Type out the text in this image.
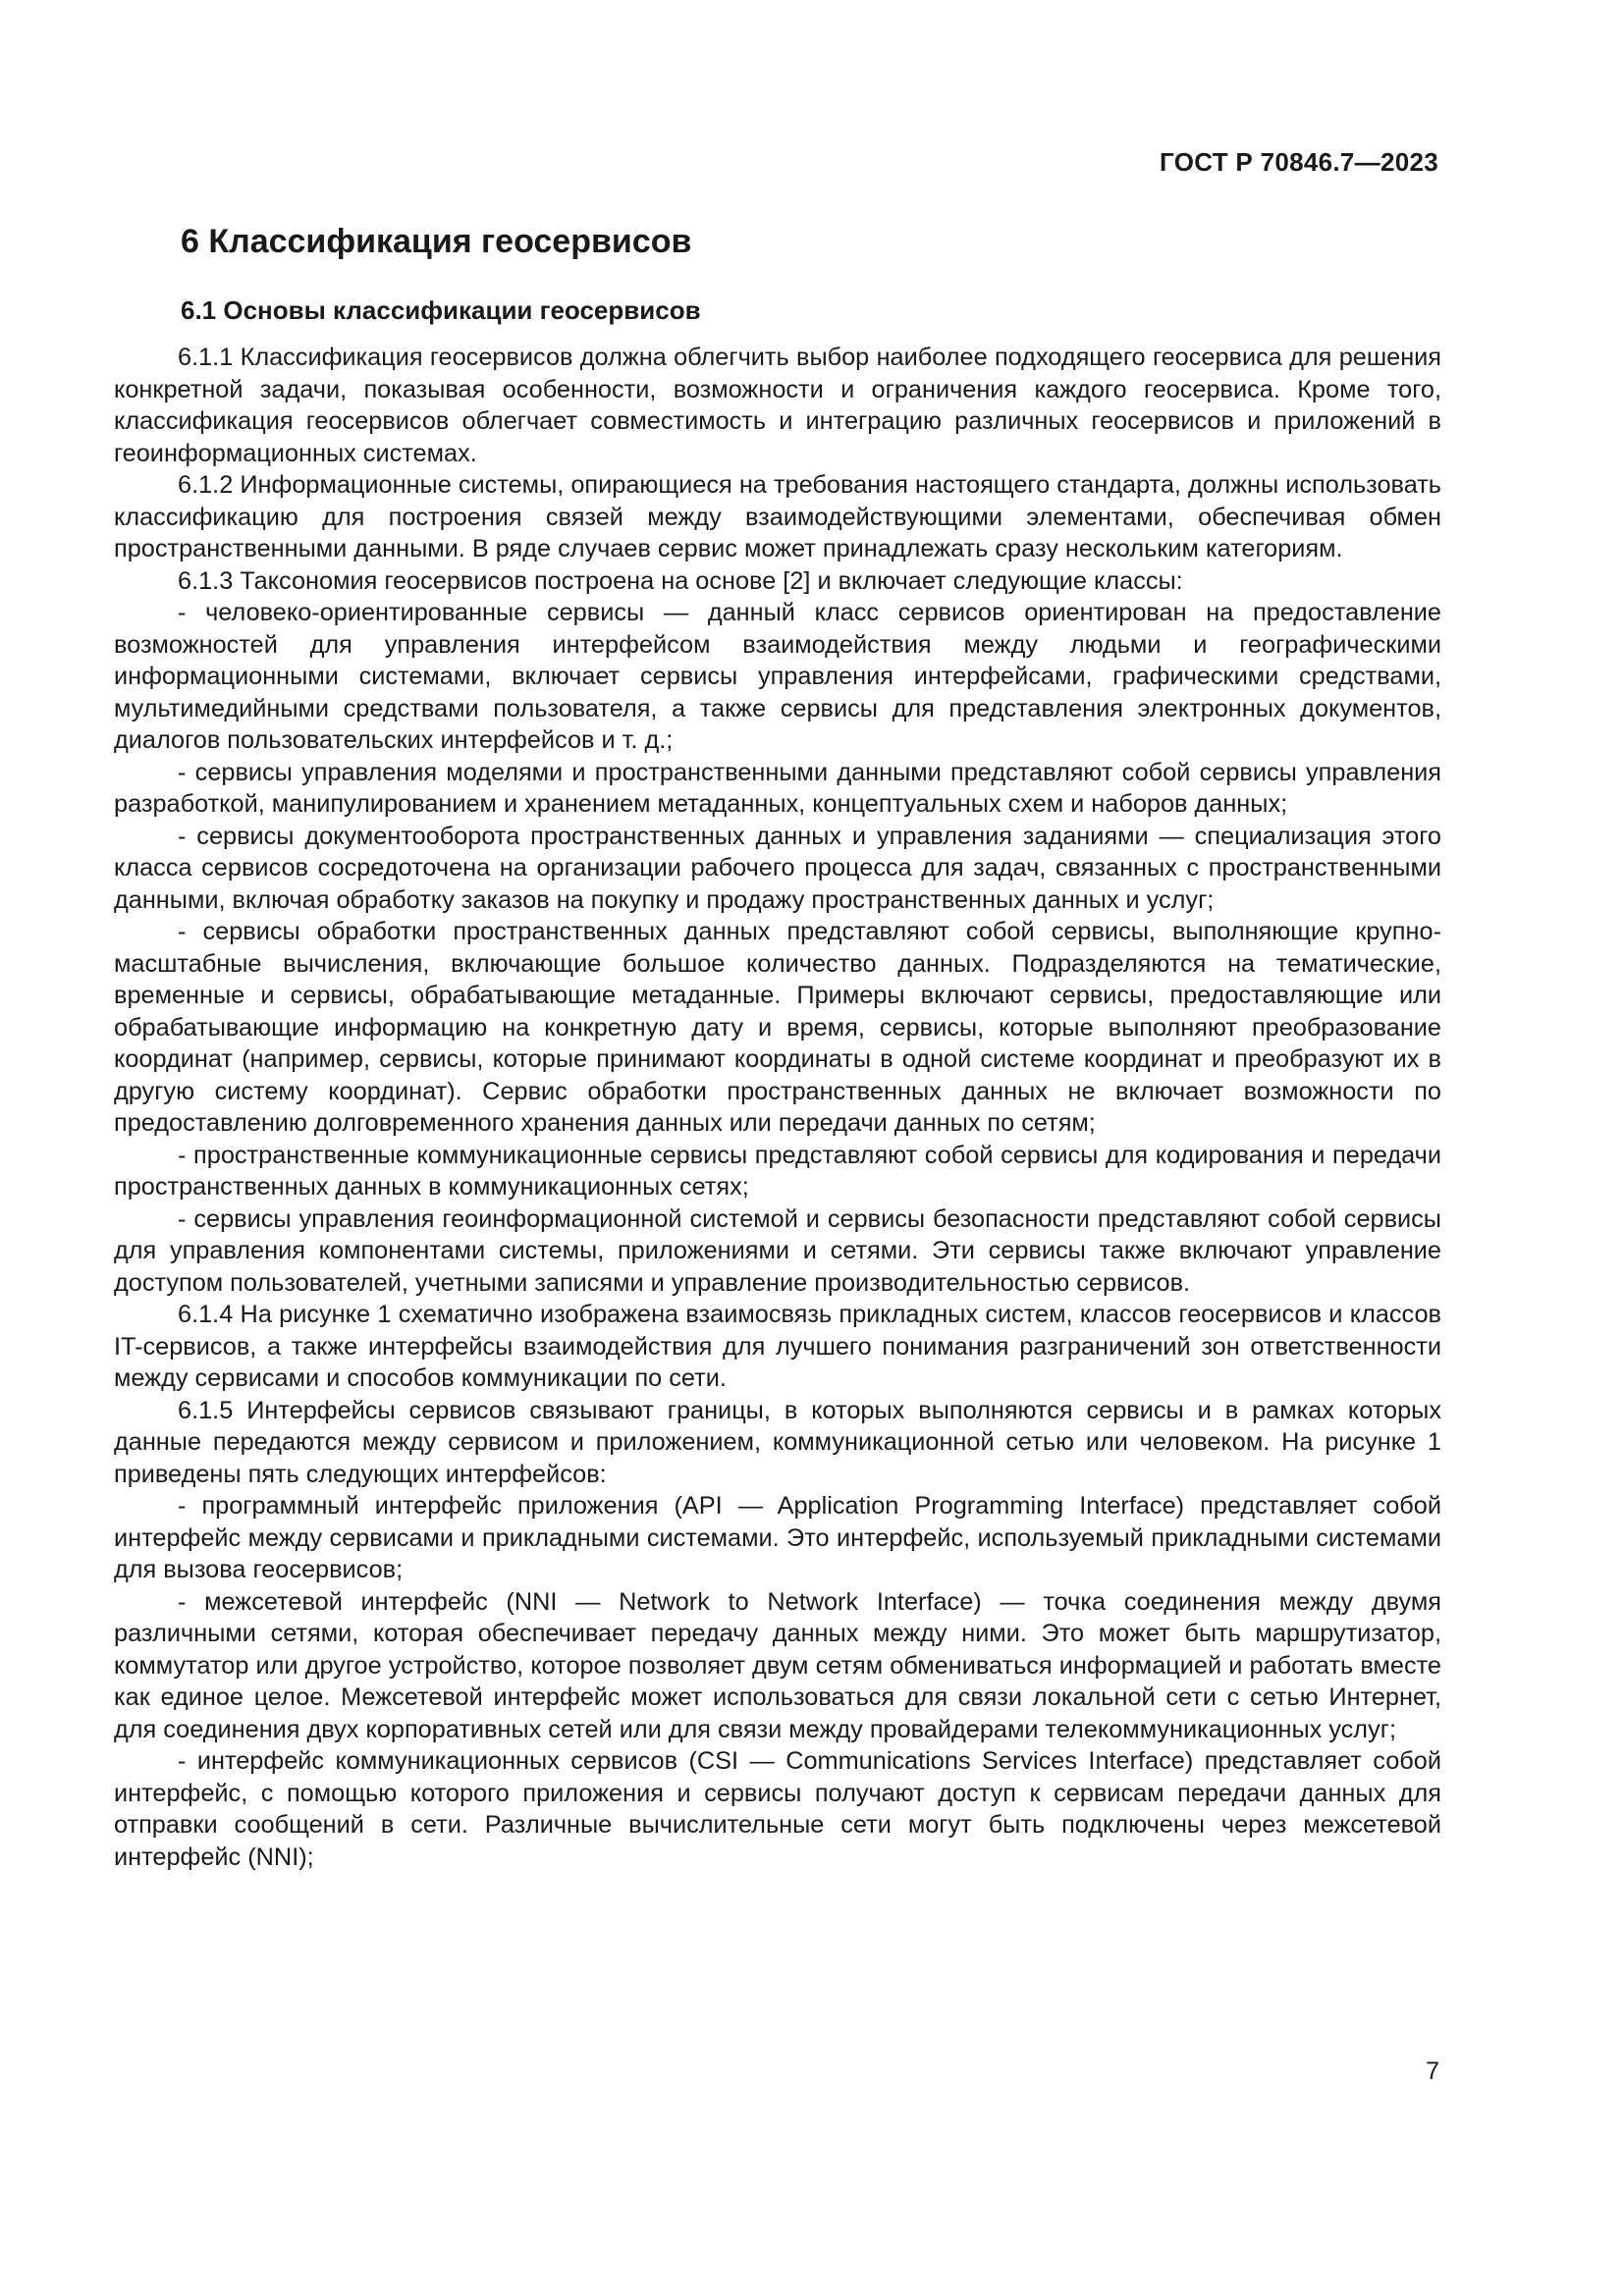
ГОСТ Р 70846.7—2023
6 Классификация геосервисов
6.1 Основы классификации геосервисов

6.1.1 Классификация геосервисов должна облегчить выбор наиболее подходящего геосервиса для решения конкретной задачи, показывая особенности, возможности и ограничения каждого геосервиса. Кроме того, классификация геосервисов облегчает совместимость и интеграцию различных геосервисов и приложений в геоинформационных системах.

6.1.2 Информационные системы, опирающиеся на требования настоящего стандарта, должны использовать классификацию для построения связей между взаимодействующими элементами, обеспечивая обмен пространственными данными. В ряде случаев сервис может принадлежать сразу нескольким категориям.

6.1.3 Таксономия геосервисов построена на основе [2] и включает следующие классы:

- человеко-ориентированные сервисы — данный класс сервисов ориентирован на предоставление возможностей для управления интерфейсом взаимодействия между людьми и географическими информационными системами, включает сервисы управления интерфейсами, графическими средствами, мультимедийными средствами пользователя, а также сервисы для представления электронных документов, диалогов пользовательских интерфейсов и т. д.;

- сервисы управления моделями и пространственными данными представляют собой сервисы управления разработкой, манипулированием и хранением метаданных, концептуальных схем и наборов данных;

- сервисы документооборота пространственных данных и управления заданиями — специализация этого класса сервисов сосредоточена на организации рабочего процесса для задач, связанных с пространственными данными, включая обработку заказов на покупку и продажу пространственных данных и услуг;

- сервисы обработки пространственных данных представляют собой сервисы, выполняющие крупномасштабные вычисления, включающие большое количество данных. Подразделяются на тематические, временные и сервисы, обрабатывающие метаданные. Примеры включают сервисы, предоставляющие или обрабатывающие информацию на конкретную дату и время, сервисы, которые выполняют преобразование координат (например, сервисы, которые принимают координаты в одной системе координат и преобразуют их в другую систему координат). Сервис обработки пространственных данных не включает возможности по предоставлению долговременного хранения данных или передачи данных по сетям;

- пространственные коммуникационные сервисы представляют собой сервисы для кодирования и передачи пространственных данных в коммуникационных сетях;

- сервисы управления геоинформационной системой и сервисы безопасности представляют собой сервисы для управления компонентами системы, приложениями и сетями. Эти сервисы также включают управление доступом пользователей, учетными записями и управление производительностью сервисов.

6.1.4 На рисунке 1 схематично изображена взаимосвязь прикладных систем, классов геосервисов и классов IT-сервисов, а также интерфейсы взаимодействия для лучшего понимания разграничений зон ответственности между сервисами и способов коммуникации по сети.

6.1.5 Интерфейсы сервисов связывают границы, в которых выполняются сервисы и в рамках которых данные передаются между сервисом и приложением, коммуникационной сетью или человеком. На рисунке 1 приведены пять следующих интерфейсов:

- программный интерфейс приложения (API — Application Programming Interface) представляет собой интерфейс между сервисами и прикладными системами. Это интерфейс, используемый прикладными системами для вызова геосервисов;

- межсетевой интерфейс (NNI — Network to Network Interface) — точка соединения между двумя различными сетями, которая обеспечивает передачу данных между ними. Это может быть маршрутизатор, коммутатор или другое устройство, которое позволяет двум сетям обмениваться информацией и работать вместе как единое целое. Межсетевой интерфейс может использоваться для связи локальной сети с сетью Интернет, для соединения двух корпоративных сетей или для связи между провайдерами телекоммуникационных услуг;

- интерфейс коммуникационных сервисов (CSI — Communications Services Interface) представляет собой интерфейс, с помощью которого приложения и сервисы получают доступ к сервисам передачи данных для отправки сообщений в сети. Различные вычислительные сети могут быть подключены через межсетевой интерфейс (NNI);

7
